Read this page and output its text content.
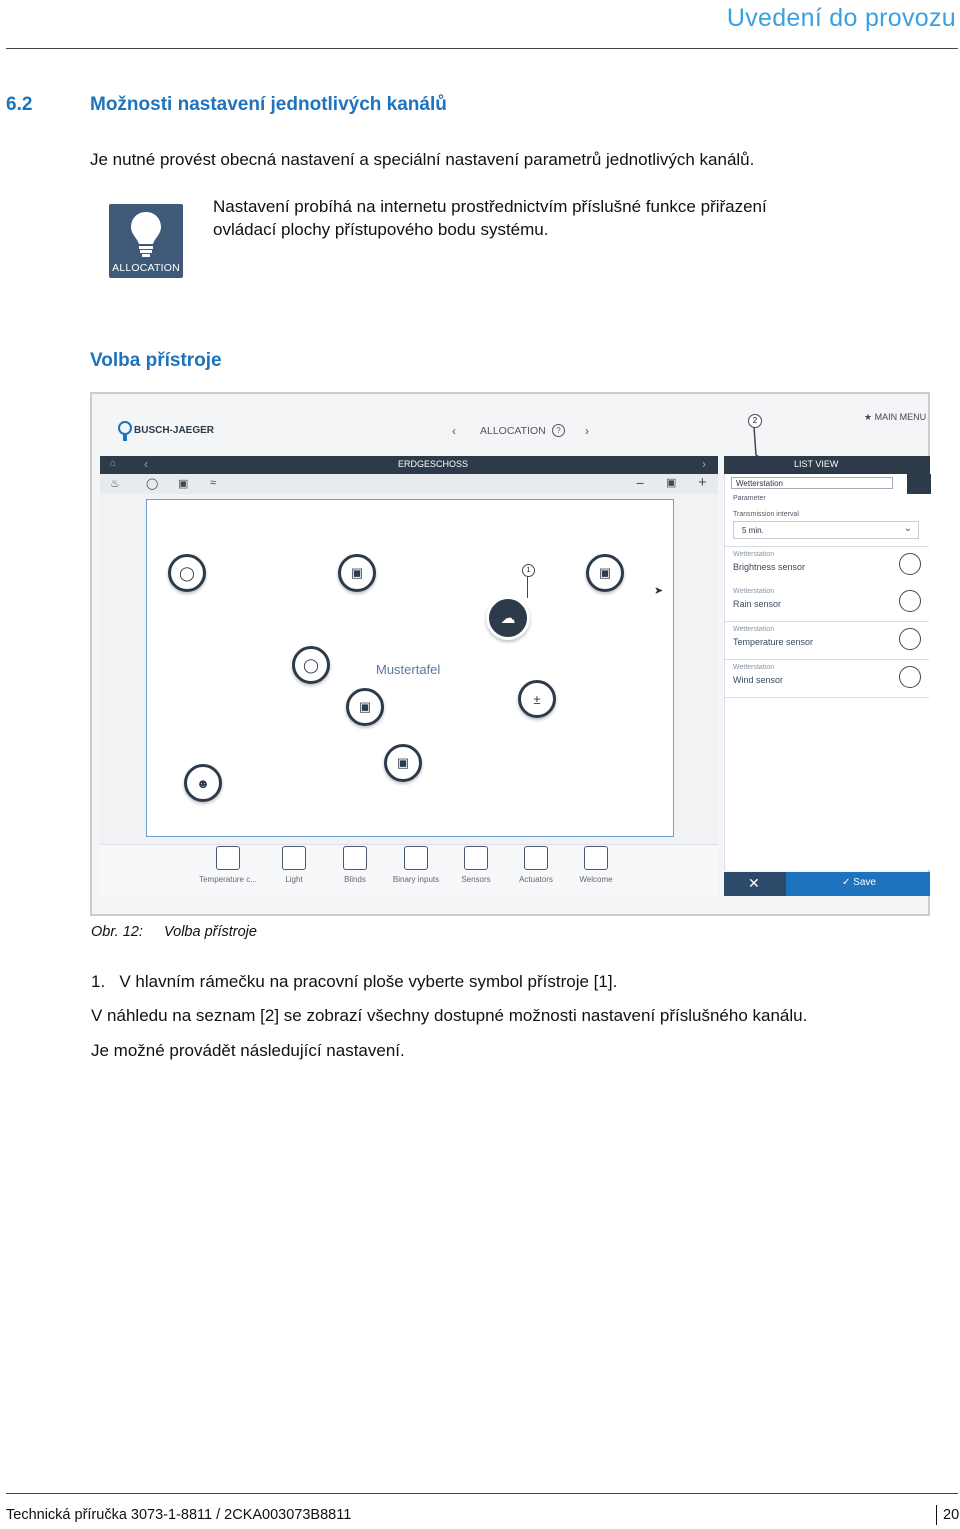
Uvedení do provozu
6.2	Možnosti nastavení jednotlivých kanálů
Je nutné provést obecná nastavení a speciální nastavení parametrů jednotlivých kanálů.
ALLOCATION
Nastavení probíhá na internetu prostřednictvím příslušné funkce přiřazení
ovládací plochy přístupového bodu systému.
Volba přístroje
BUSCH-JAEGER	‹ ALLOCATION	?	›
★ MAIN MENU
2
⌂ ‹	ERDGESCHOSS	›	LIST VIEW
♨ ◯ ▣ ≈	− ▣ +
Mustertafel
◯	▣	▣
◯
▣	±
▣
☻
☁
1
➤
Temperature c...	Light	Blinds	Binary inputs	Sensors	Actuators	Welcome
Wetterstation
Parameter
Transmission interval
5 min.	⌄
Wetterstation
Brightness sensor
Wetterstation
Rain sensor
Wetterstation
Temperature sensor
Wetterstation
Wind sensor
✕	✓ Save
Obr. 12: Volba přístroje
1.   V hlavním rámečku na pracovní ploše vyberte symbol přístroje [1].
V náhledu na seznam [2] se zobrazí všechny dostupné možnosti nastavení příslušného kanálu.
Je možné provádět následující nastavení.
Technická příručka 3073-1-8811 / 2CKA003073B8811	20
